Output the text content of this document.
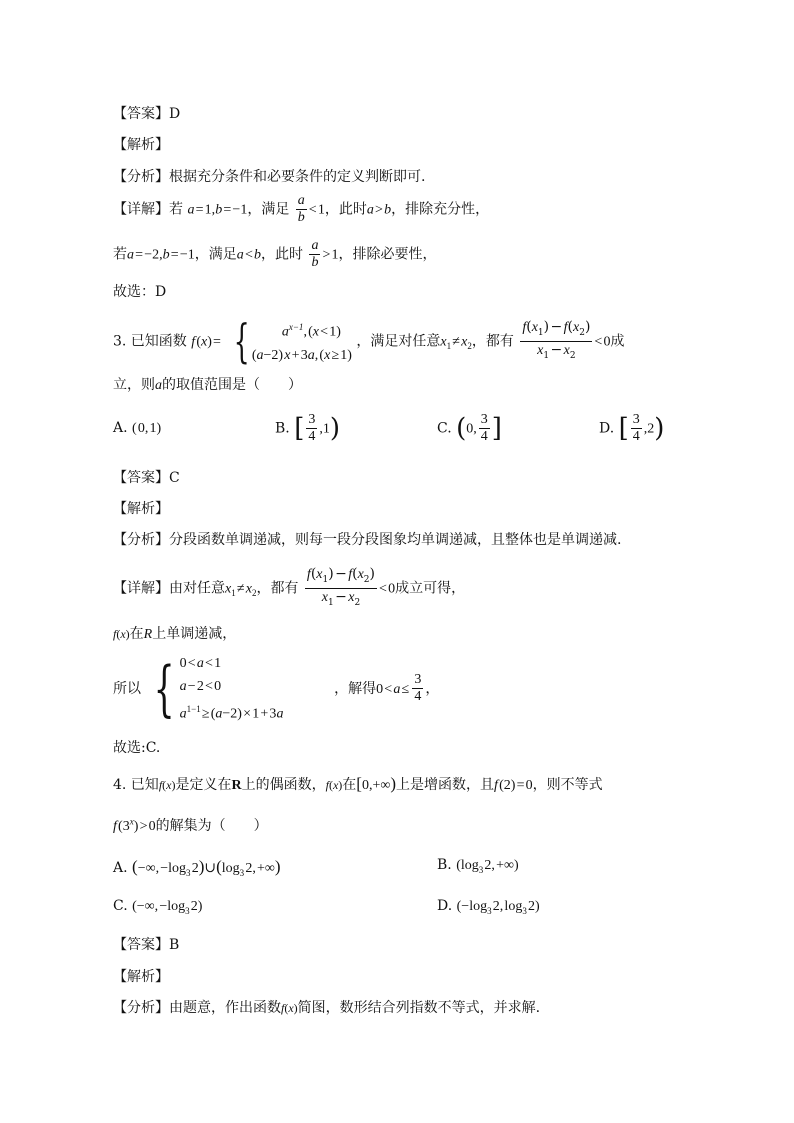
【答案】D
【解析】
【分析】根据充分条件和必要条件的定义判断即可.
【详解】若 a = 1,b = −1，满足 $\frac{a}{b}$ < 1，此时a > b，排除充分性，
若a = −2,b = −1，满足a < b，此时 $\frac{a}{b}$ > 1，排除必要性，
故选：D
3. 已知函数 f (x) =  {	$a^{x-1}$, (x < 1)
(a−2) x + 3a, (x ≥ 1)
，满足对任意$x_1$ ≠ $x_2$，都有 $\frac{f(x_1) - f(x_2)}{x_1 - x_2}$ < 0成
立，则a的取值范围是（　　）
A. ( 0, 1)	B. [ $\frac{3}{4} ,1$)	C. (0, $\frac{3}{4}$ ]	D. [ $\frac{3}{4} ,2$)
【答案】C
【解析】
【分析】分段函数单调递减，则每一段分段图象均单调递减，且整体也是单调递减.
【详解】由对任意$x_1$ ≠ $x_2$，都有 $\frac{f(x_1) - f(x_2)}{x_1 - x_2}$ < 0成立可得，
f(x)在R上单调递减，
所以 { 0 < a < 1
a − 2 < 0
$a^{1-1}$ ≥ (a−2) × 1 + 3a
，解得0 < a ≤  $\frac{3}{4}$ ，
故选:C.
4. 已知f(x)是定义在R上的偶函数，f(x)在[0,+∞)上是增函数，且f (2) = 0，则不等式
f $(3^x)$ > 0的解集为（　　）
A. (−∞, $-\log_3$ $2)\cup(\log_3$ 2, +∞)	B. ($\log_3$ 2, +∞)
C. (−∞, $-\log_3$ 2)	D. ($-\log_3$ 2, $\log_3$ 2)
【答案】B
【解析】
【分析】由题意，作出函数f(x)简图，数形结合列指数不等式，并求解.
